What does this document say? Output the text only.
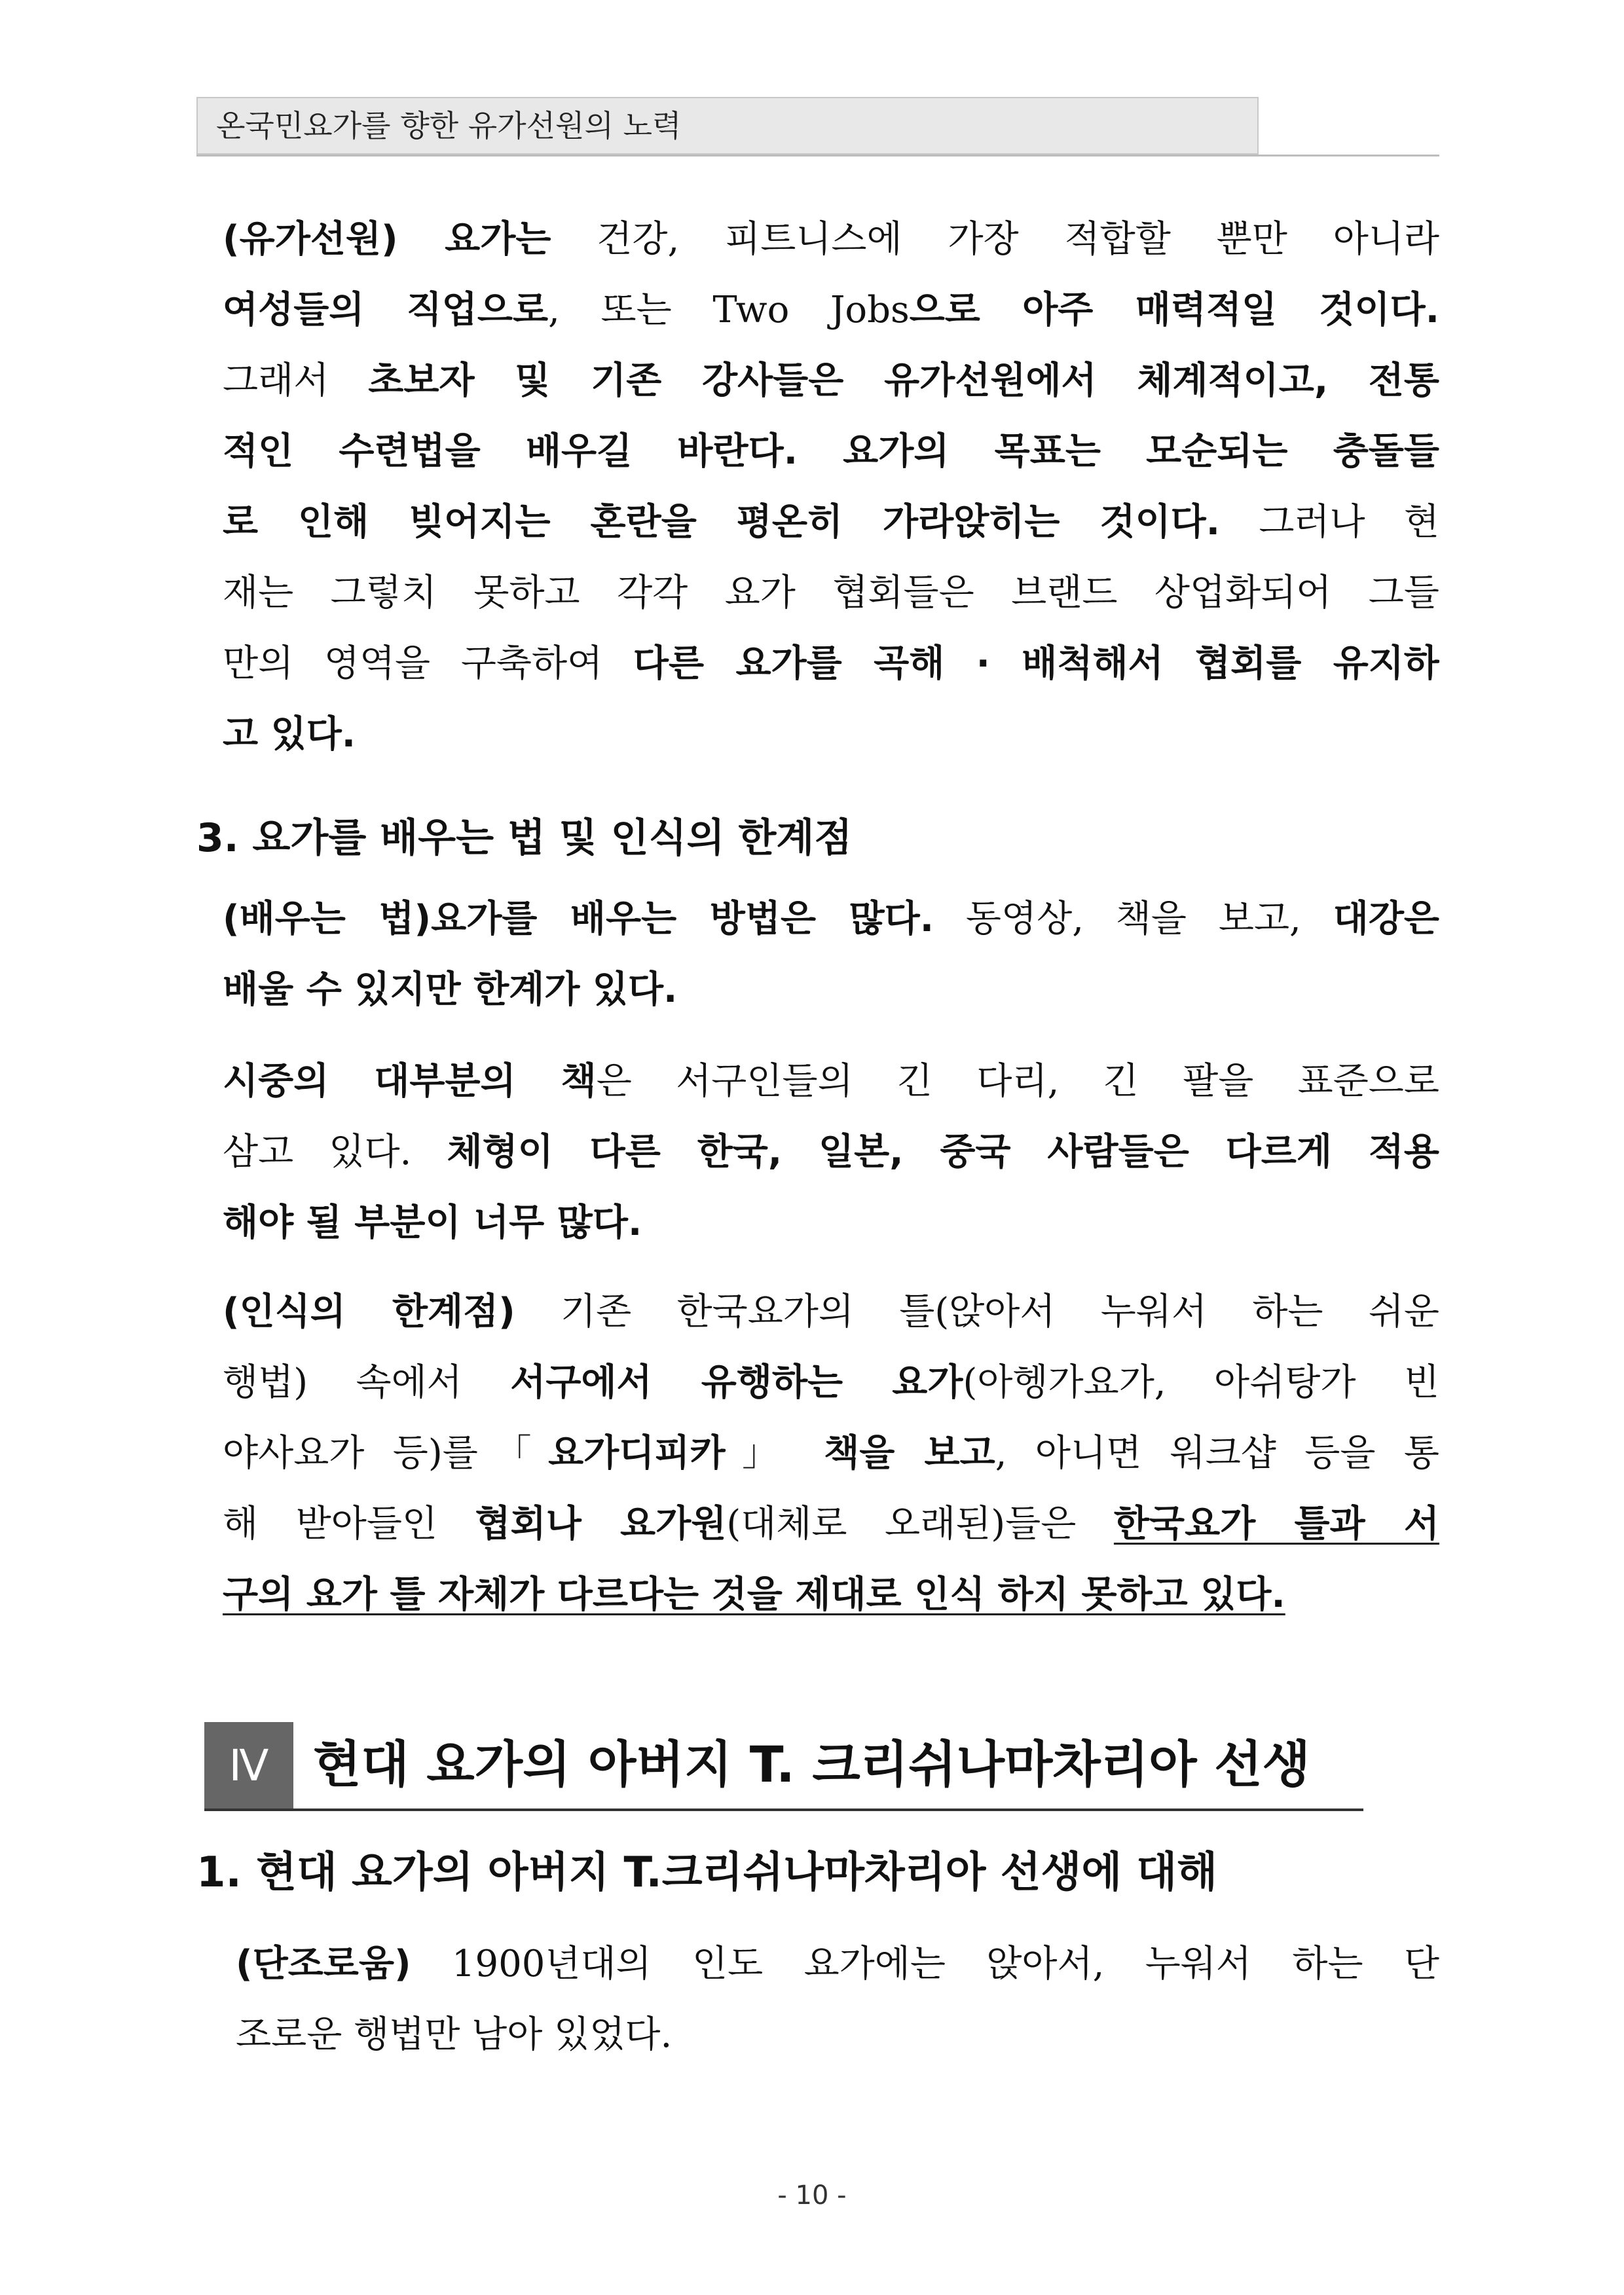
온국민요가를 향한 유가선원의 노력
(유가선원) 요가는 건강, 피트니스에 가장 적합할 뿐만 아니라
여성들의 직업으로, 또는 Two Jobs으로 아주 매력적일 것이다.
그래서 초보자 및 기존 강사들은 유가선원에서 체계적이고, 전통
적인 수련법을 배우길 바란다. 요가의 목표는 모순되는 충돌들
로 인해 빚어지는 혼란을 평온히 가라앉히는 것이다. 그러나 현
재는 그렇치 못하고 각각 요가 협회들은 브랜드 상업화되어 그들
만의 영역을 구축하여 다른 요가를 곡해 · 배척해서 협회를 유지하
고 있다.
3. 요가를 배우는 법 및 인식의 한계점
(배우는 법)요가를 배우는 방법은 많다. 동영상, 책을 보고, 대강은
배울 수 있지만 한계가 있다.
시중의 대부분의 책은 서구인들의 긴 다리, 긴 팔을 표준으로
삼고 있다. 체형이 다른 한국, 일본, 중국 사람들은 다르게 적용
해야 될 부분이 너무 많다.
(인식의 한계점) 기존 한국요가의 틀(앉아서 누워서 하는 쉬운
행법) 속에서 서구에서 유행하는 요가(아헹가요가, 아쉬탕가 빈
야사요가 등)를「요가디피카」 책을 보고, 아니면 워크샵 등을 통
해 받아들인 협회나 요가원(대체로 오래된)들은 한국요가 틀과 서
구의 요가 틀 자체가 다르다는 것을 제대로 인식 하지 못하고 있다.
Ⅳ 현대 요가의 아버지 T. 크리쉬나마차리아 선생
1. 현대 요가의 아버지 T.크리쉬나마차리아 선생에 대해
(단조로움) 1900년대의 인도 요가에는 앉아서, 누워서 하는 단
조로운 행법만 남아 있었다.
- 10 -
